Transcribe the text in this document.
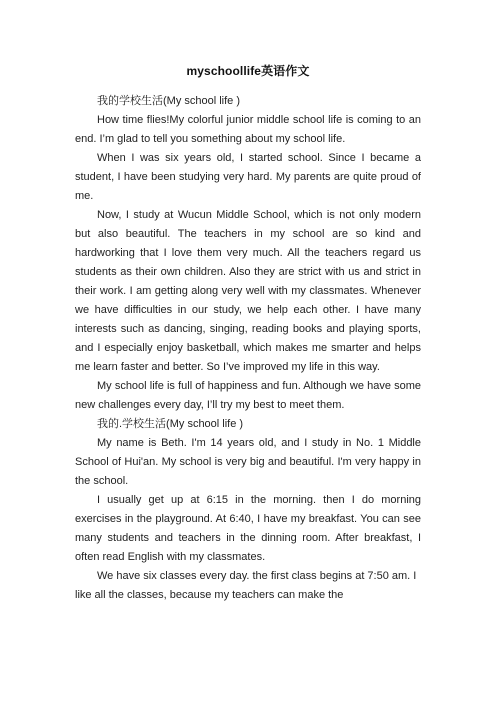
myschoollife英语作文

我的学校生活(My school life )

How time flies!My colorful junior middle school life is coming to an end. I’m glad to tell you something about my school life.

When I was six years old, I started school. Since I became a student, I have been studying very hard. My parents are quite proud of me.

Now, I study at Wucun Middle School, which is not only modern but also beautiful. The teachers in my school are so kind and hardworking that I love them very much. All the teachers regard us students as their own children. Also they are strict with us and strict in their work. I am getting along very well with my classmates. Whenever we have difficulties in our study, we help each other. I have many interests such as dancing, singing, reading books and playing sports, and I especially enjoy basketball, which makes me smarter and helps me learn faster and better. So I’ve improved my life in this way.

My school life is full of happiness and fun. Although we have some new challenges every day, I’ll try my best to meet them.

我的.学校生活(My school life )

My name is Beth. I'm 14 years old, and I study in No. 1 Middle School of Hui'an. My school is very big and beautiful. I'm very happy in the school.

I usually get up at 6:15 in the morning. then I do morning exercises in the playground. At 6:40, I have my breakfast. You can see many students and teachers in the dinning room. After breakfast, I often read English with my classmates.

We have six classes every day. the first class begins at 7:50 am. I like all the classes, because my teachers can make the
